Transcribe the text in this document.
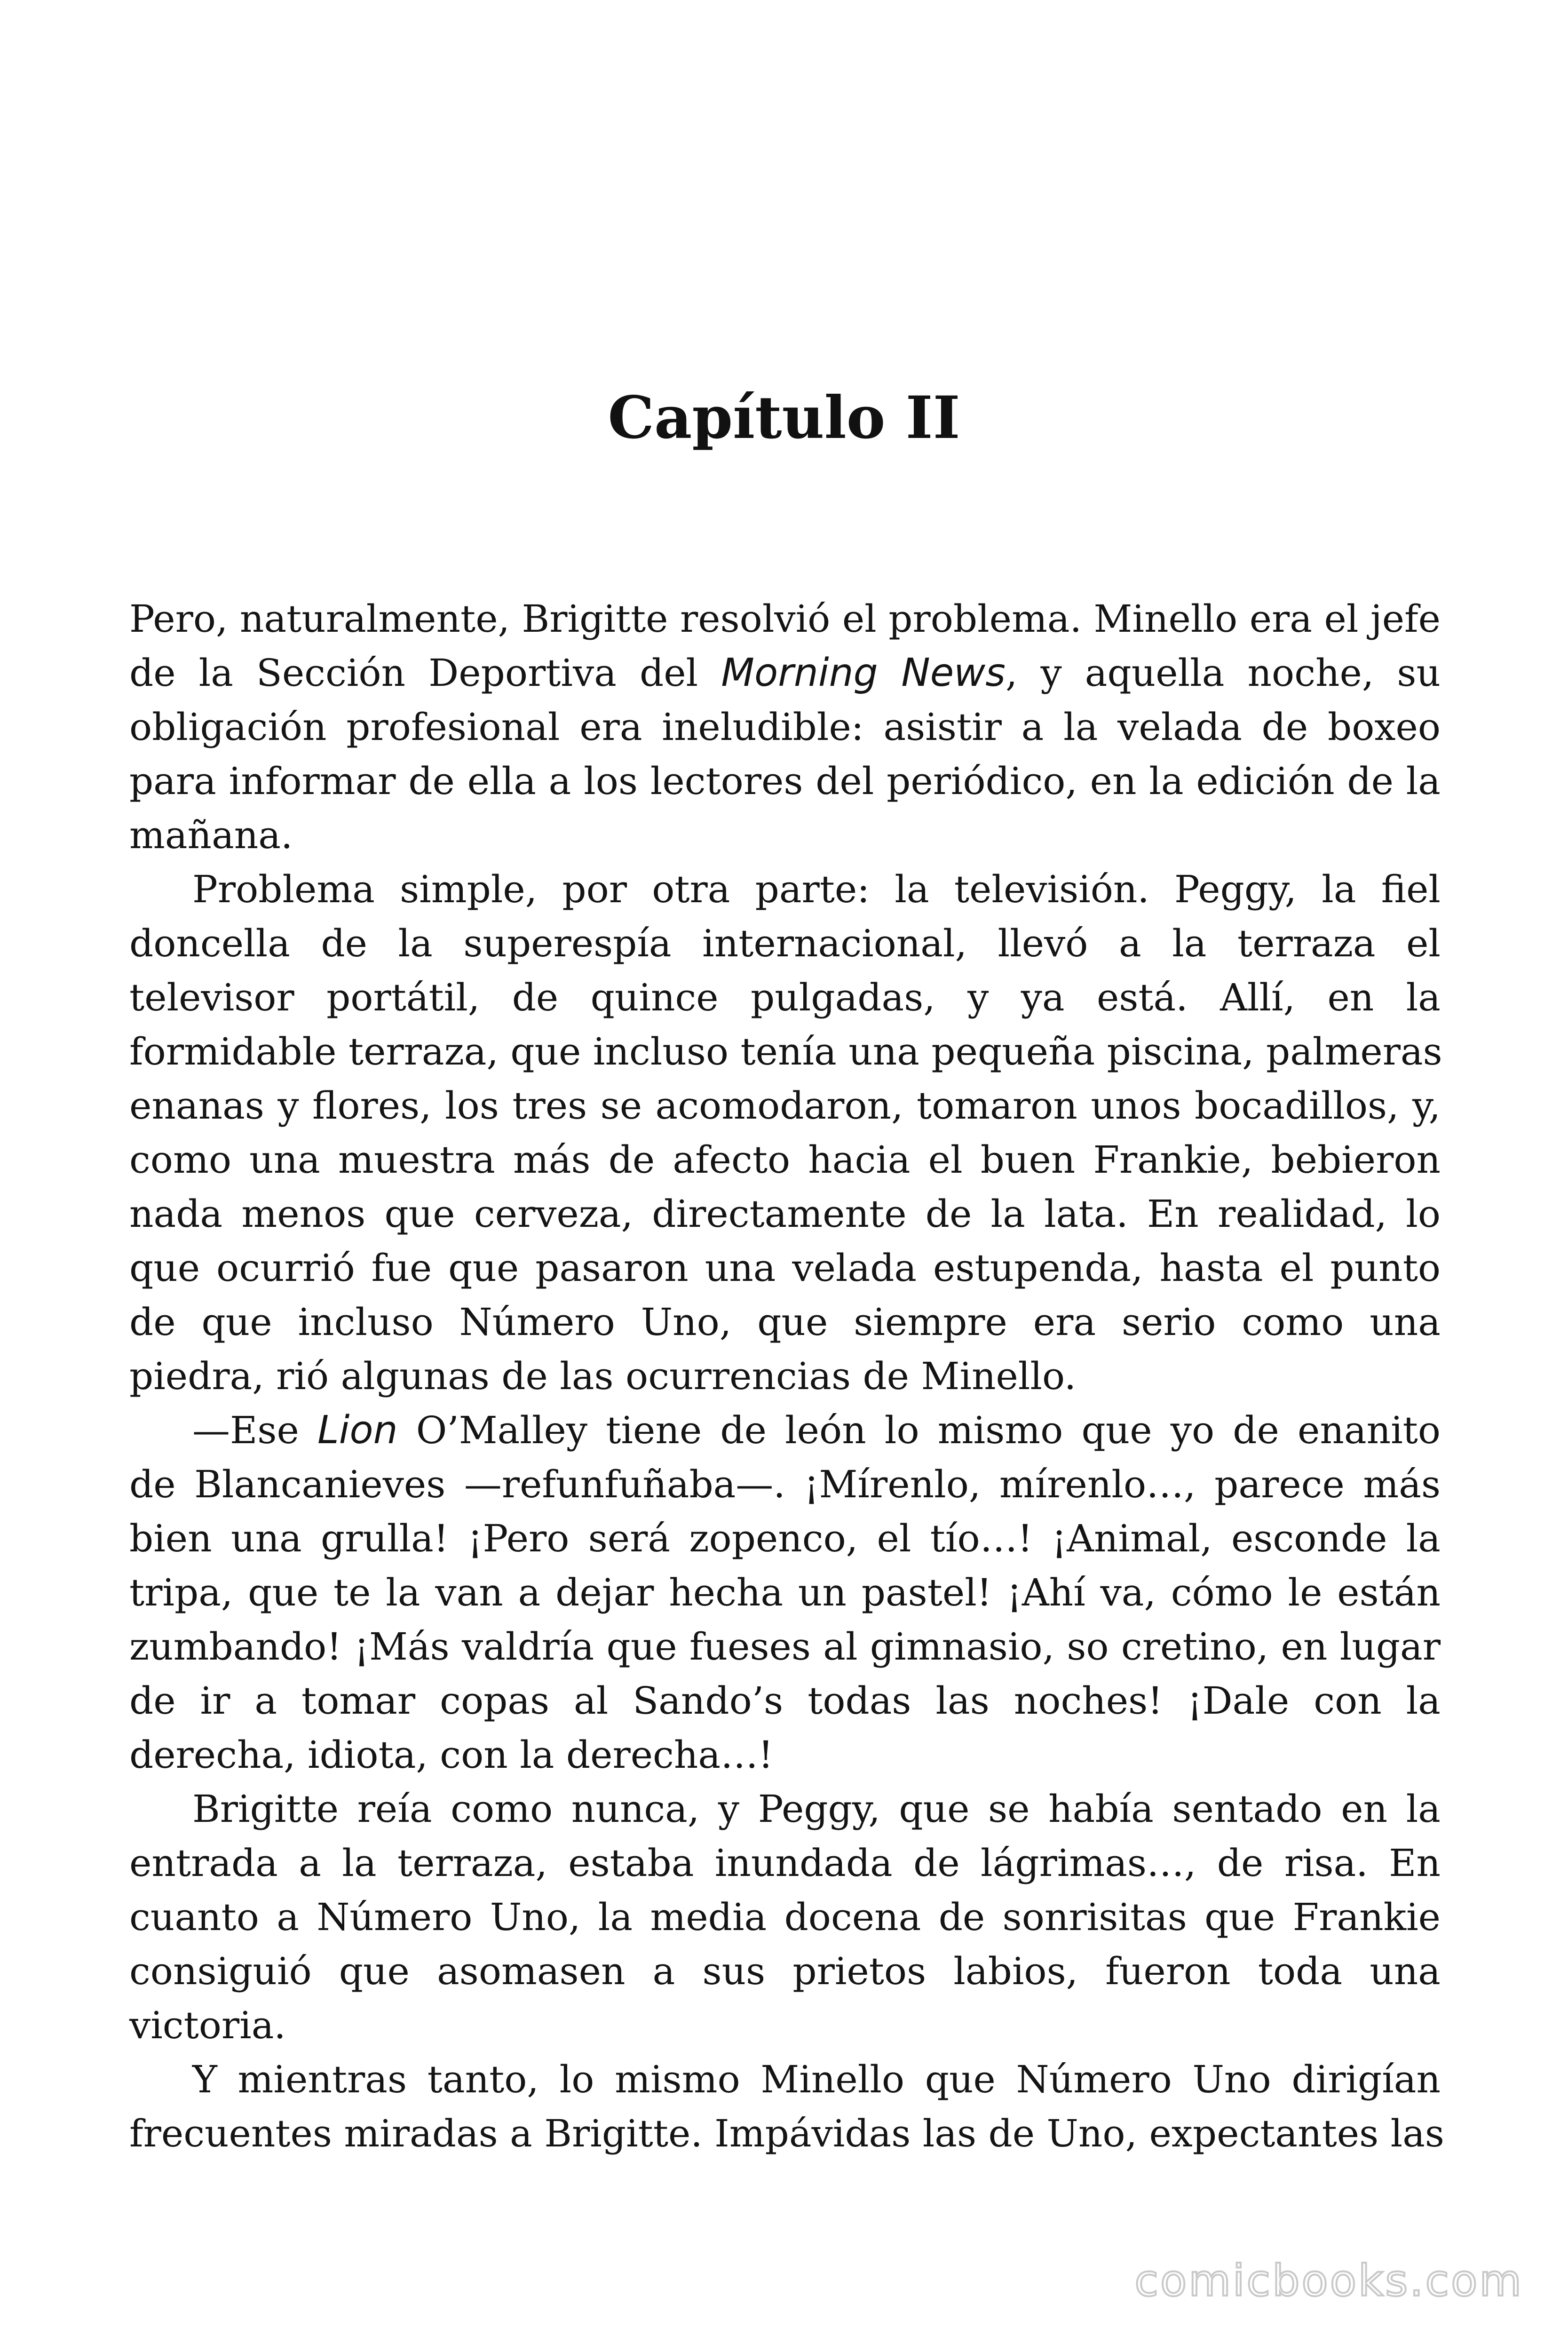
Capítulo II
Pero, naturalmente, Brigitte resolvió el problema. Minello era el jefe
de la Sección Deportiva del Morning News, y aquella noche, su
obligación profesional era ineludible: asistir a la velada de boxeo
para informar de ella a los lectores del periódico, en la edición de la
mañana.
Problema simple, por otra parte: la televisión. Peggy, la fiel
doncella de la superespía internacional, llevó a la terraza el
televisor portátil, de quince pulgadas, y ya está. Allí, en la
formidable terraza, que incluso tenía una pequeña piscina, palmeras
enanas y flores, los tres se acomodaron, tomaron unos bocadillos, y,
como una muestra más de afecto hacia el buen Frankie, bebieron
nada menos que cerveza, directamente de la lata. En realidad, lo
que ocurrió fue que pasaron una velada estupenda, hasta el punto
de que incluso Número Uno, que siempre era serio como una
piedra, rió algunas de las ocurrencias de Minello.
—Ese Lion O’Malley tiene de león lo mismo que yo de enanito
de Blancanieves —refunfuñaba—. ¡Mírenlo, mírenlo…, parece más
bien una grulla! ¡Pero será zopenco, el tío…! ¡Animal, esconde la
tripa, que te la van a dejar hecha un pastel! ¡Ahí va, cómo le están
zumbando! ¡Más valdría que fueses al gimnasio, so cretino, en lugar
de ir a tomar copas al Sando’s todas las noches! ¡Dale con la
derecha, idiota, con la derecha…!
Brigitte reía como nunca, y Peggy, que se había sentado en la
entrada a la terraza, estaba inundada de lágrimas…, de risa. En
cuanto a Número Uno, la media docena de sonrisitas que Frankie
consiguió que asomasen a sus prietos labios, fueron toda una
victoria.
Y mientras tanto, lo mismo Minello que Número Uno dirigían
frecuentes miradas a Brigitte. Impávidas las de Uno, expectantes las
comicbooks.com
